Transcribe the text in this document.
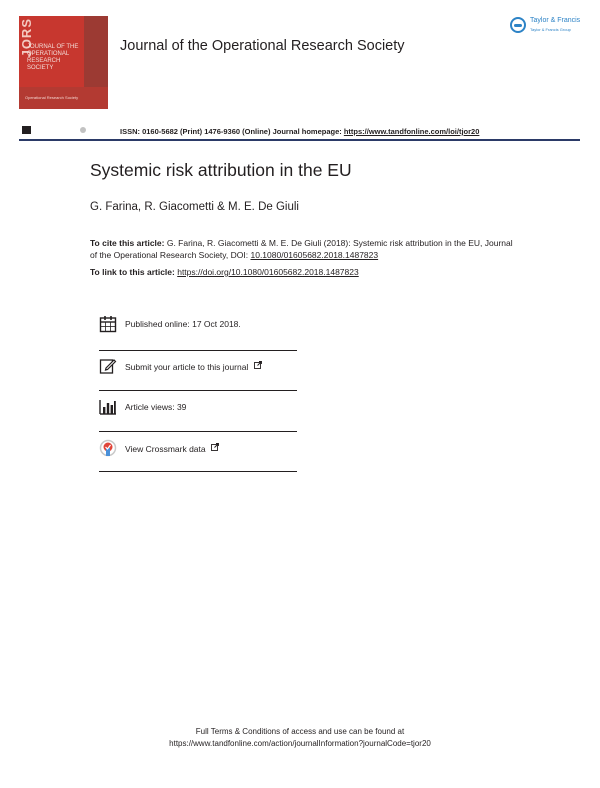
JORS
JOURNAL OF THE OPERATIONAL RESEARCH SOCIETY
Operational Research Society
Journal of the Operational Research Society
Taylor & Francis
Taylor & Francis Group
ISSN: 0160-5682 (Print) 1476-9360 (Online) Journal homepage: https://www.tandfonline.com/loi/tjor20
Systemic risk attribution in the EU
G. Farina, R. Giacometti & M. E. De Giuli
To cite this article: G. Farina, R. Giacometti & M. E. De Giuli (2018): Systemic risk attribution in the EU, Journal of the Operational Research Society, DOI: 10.1080/01605682.2018.1487823
To link to this article: https://doi.org/10.1080/01605682.2018.1487823
Published online: 17 Oct 2018.
Submit your article to this journal
Article views: 39
View Crossmark data
Full Terms & Conditions of access and use can be found at
https://www.tandfonline.com/action/journalInformation?journalCode=tjor20
